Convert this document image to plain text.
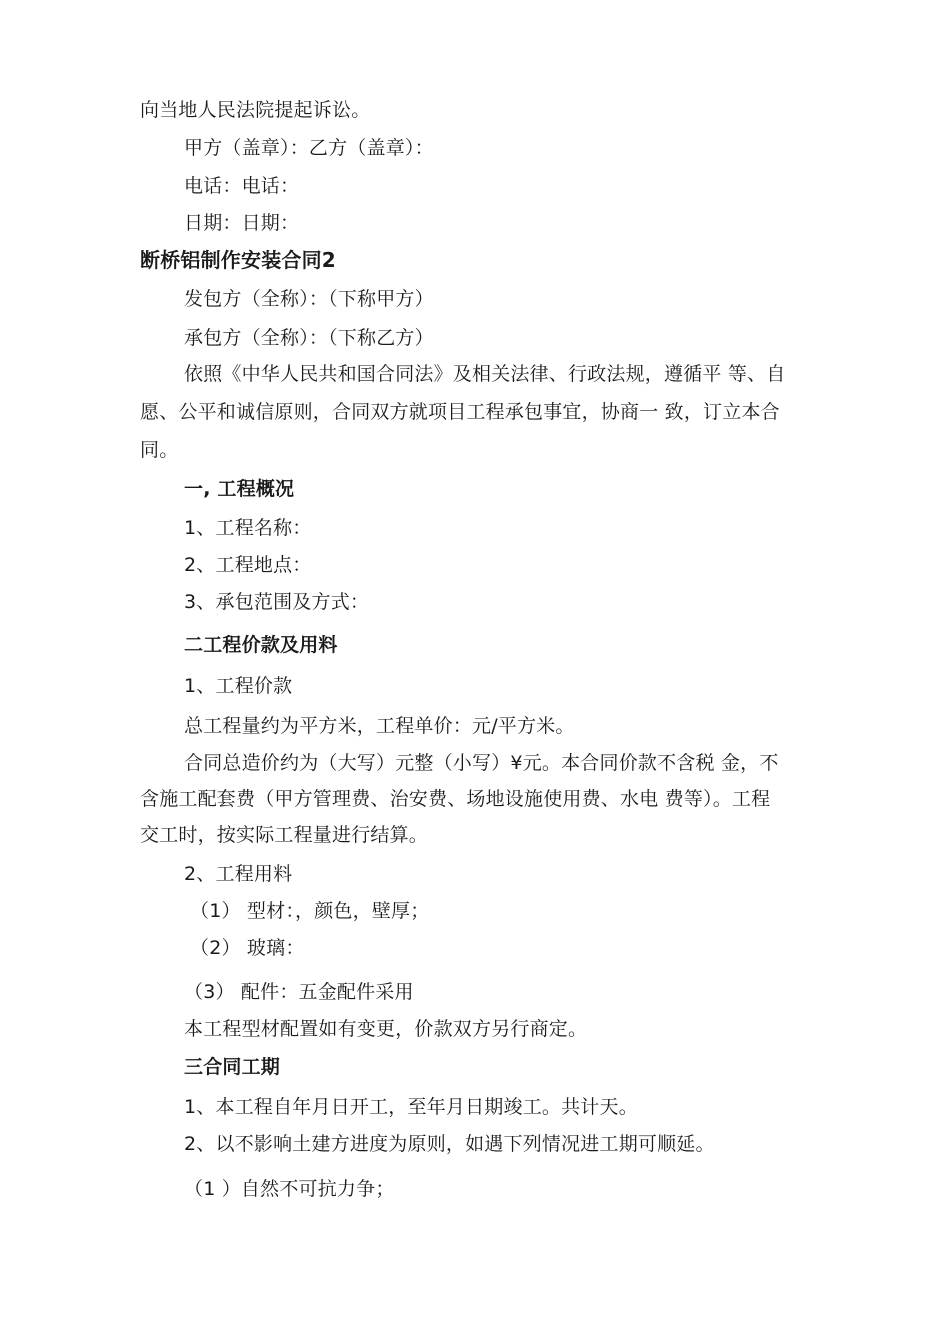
向当地人民法院提起诉讼。
甲方（盖章）：乙方（盖章）：
电话：电话：
日期：日期：
断桥铝制作安装合同2
发包方（全称）：（下称甲方）
承包方（全称）：（下称乙方）
依照《中华人民共和国合同法》及相关法律、行政法规，遵循平 等、自
愿、公平和诚信原则，合同双方就项目工程承包事宜，协商一 致，订立本合
同。
一, 工程概况
1、工程名称：
2、工程地点：
3、承包范围及方式：
二工程价款及用料
1、工程价款
总工程量约为平方米，工程单价：元/平方米。
合同总造价约为（大写）元整（小写）¥元。本合同价款不含税 金，不
含施工配套费（甲方管理费、治安费、场地设施使用费、水电 费等）。工程
交工时，按实际工程量进行结算。
2、工程用料
（1） 型材：，颜色，壁厚；
（2） 玻璃：
（3） 配件：五金配件采用
本工程型材配置如有变更，价款双方另行商定。
三合同工期
1、本工程自年月日开工，至年月日期竣工。共计天。
2、以不影响土建方进度为原则，如遇下列情况进工期可顺延。
（1 ）自然不可抗力争；
